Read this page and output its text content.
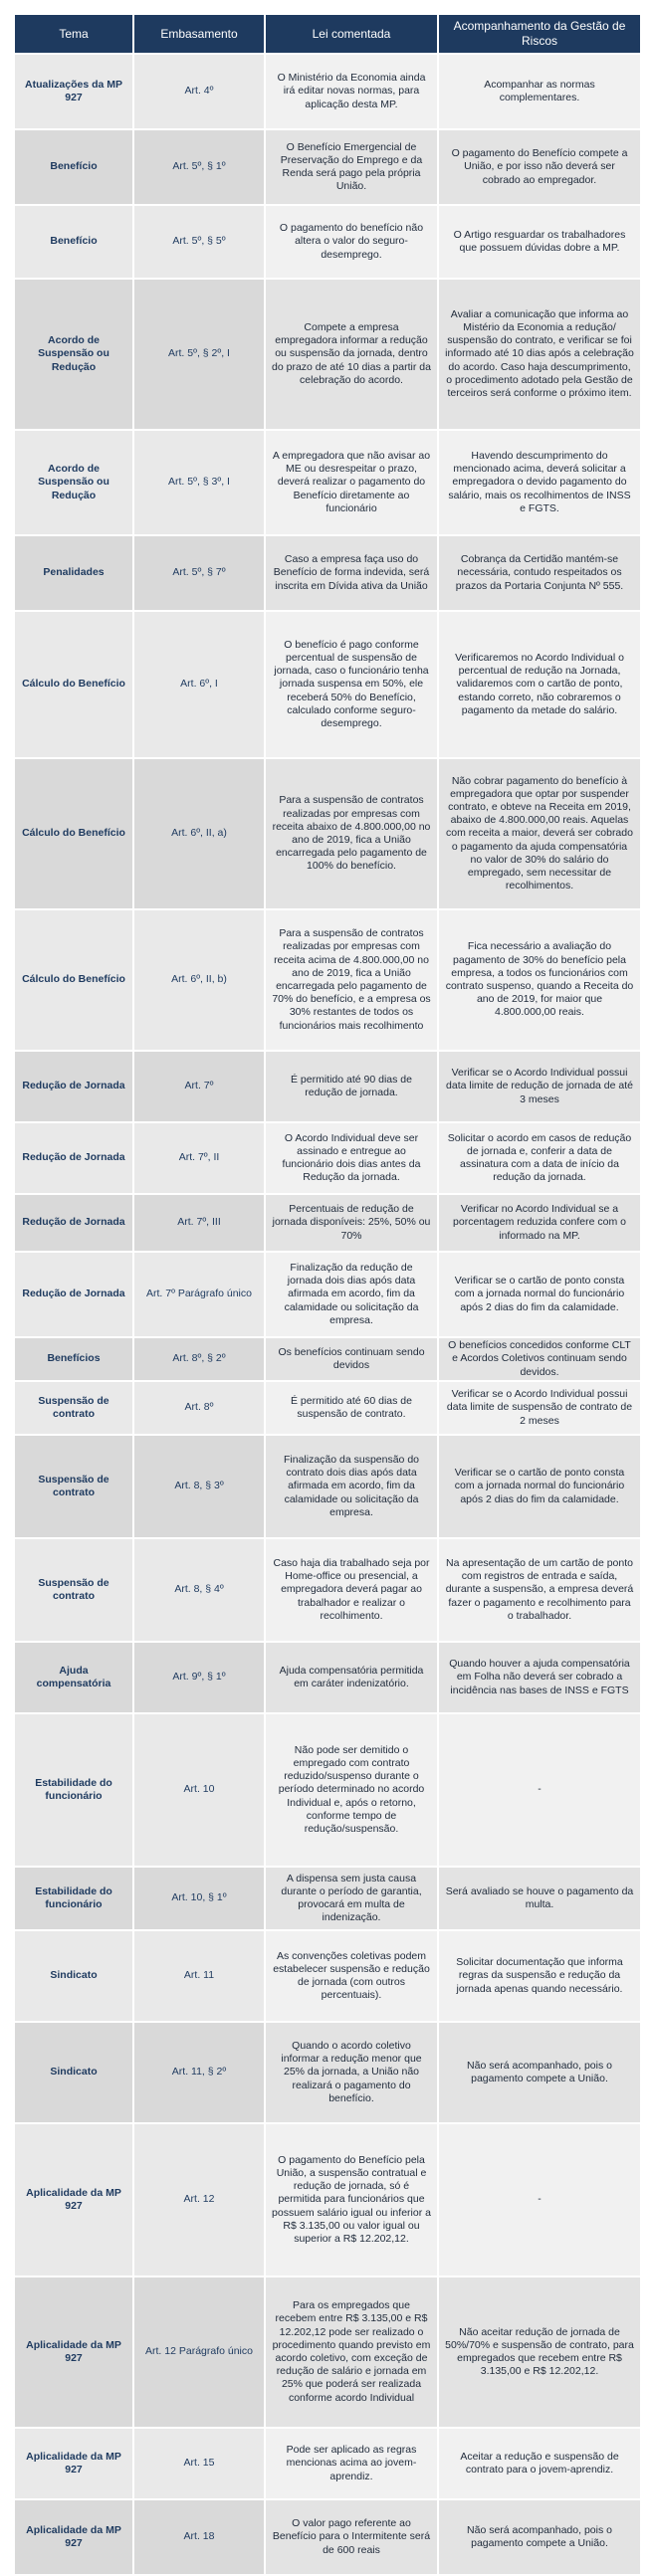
Tema	Embasamento	Lei comentada	Acompanhamento da Gestão de Riscos
Atualizações da MP 927	Art. 4º	O Ministério da Economia ainda irá editar novas normas, para aplicação desta MP.	Acompanhar as normas complementares.
Benefício	Art. 5º, § 1º	O Benefício Emergencial de Preservação do Emprego e da Renda será pago pela própria União.	O pagamento do Benefício compete a União, e por isso não deverá ser cobrado ao empregador.
Benefício	Art. 5º, § 5º	O pagamento do benefício não altera o valor do seguro-desemprego.	O Artigo resguardar os trabalhadores que possuem dúvidas dobre a MP.
Acordo de Suspensão ou Redução	Art. 5º, § 2º, I	Compete a empresa empregadora informar a redução ou suspensão da jornada, dentro do prazo de até 10 dias a partir da celebração do acordo.	Avaliar a comunicação que informa ao Mistério da Economia a redução/ suspensão do contrato, e verificar se foi informado até 10 dias após a celebração do acordo. Caso haja descumprimento, o procedimento adotado pela Gestão de terceiros será conforme o próximo item.
Acordo de Suspensão ou Redução	Art. 5º, § 3º, I	A empregadora que não avisar ao ME ou desrespeitar o prazo, deverá realizar o pagamento do Benefício diretamente ao funcionário	Havendo descumprimento do mencionado acima, deverá solicitar a empregadora o devido pagamento do salário, mais os recolhimentos de INSS e FGTS.
Penalidades	Art. 5º, § 7º	Caso a empresa faça uso do Benefício de forma indevida, será inscrita em Dívida ativa da União	Cobrança da Certidão mantém-se necessária, contudo respeitados os prazos da Portaria Conjunta Nº 555.
Cálculo do Benefício	Art. 6º, I	O benefício é pago conforme percentual de suspensão de jornada, caso o funcionário tenha jornada suspensa em 50%, ele receberá 50% do Benefício, calculado conforme seguro-desemprego.	Verificaremos no Acordo Individual o percentual de redução na Jornada, validaremos com o cartão de ponto, estando correto, não cobraremos o pagamento da metade do salário.
Cálculo do Benefício	Art. 6º, II, a)	Para a suspensão de contratos realizadas por empresas com receita abaixo de 4.800.000,00 no ano de 2019, fica a União encarregada pelo pagamento de 100% do benefício.	Não cobrar pagamento do benefício à empregadora que optar por suspender contrato, e obteve na Receita em 2019, abaixo de 4.800.000,00 reais. Aquelas com receita a maior, deverá ser cobrado o pagamento da ajuda compensatória no valor de 30% do salário do empregado, sem necessitar de recolhimentos.
Cálculo do Benefício	Art. 6º, II, b)	Para a suspensão de contratos realizadas por empresas com receita acima de 4.800.000,00 no ano de 2019, fica a União encarregada pelo pagamento de 70% do benefício, e a empresa os 30% restantes de todos os funcionários mais recolhimento	Fica necessário a avaliação do pagamento de 30% do benefício pela empresa, a todos os funcionários com contrato suspenso, quando a Receita do ano de 2019, for maior que 4.800.000,00 reais.
Redução de Jornada	Art. 7º	É permitido até 90 dias de redução de jornada.	Verificar se o Acordo Individual possui data limite de redução de jornada de até 3 meses
Redução de Jornada	Art. 7º, II	O Acordo Individual deve ser assinado e entregue ao funcionário dois dias antes da Redução da jornada.	Solicitar o acordo em casos de redução de jornada e, conferir a data de assinatura com a data de início da redução da jornada.
Redução de Jornada	Art. 7º, III	Percentuais de redução de jornada disponíveis: 25%, 50% ou 70%	Verificar no Acordo Individual se a porcentagem reduzida confere com o informado na MP.
Redução de Jornada	Art. 7º Parágrafo único	Finalização da redução de jornada dois dias após data afirmada em acordo, fim da calamidade ou solicitação da empresa.	Verificar se o cartão de ponto consta com a jornada normal do funcionário após 2 dias do fim da calamidade.
Benefícios	Art. 8º, § 2º	Os benefícios continuam sendo devidos	O benefícios concedidos conforme CLT e Acordos Coletivos continuam sendo devidos.
Suspensão de contrato	Art. 8º	É permitido até 60 dias de suspensão de contrato.	Verificar se o Acordo Individual possui data limite de suspensão de contrato de 2 meses
Suspensão de contrato	Art. 8, § 3º	Finalização da suspensão do contrato dois dias após data afirmada em acordo, fim da calamidade ou solicitação da empresa.	Verificar se o cartão de ponto consta com a jornada normal do funcionário após 2 dias do fim da calamidade.
Suspensão de contrato	Art. 8, § 4º	Caso haja dia trabalhado seja por Home-office ou presencial, a empregadora deverá pagar ao trabalhador e realizar o recolhimento.	Na apresentação de um cartão de ponto com registros de entrada e saída, durante a suspensão, a empresa deverá fazer o pagamento e recolhimento para o trabalhador.
Ajuda compensatória	Art. 9º, § 1º	Ajuda compensatória permitida em caráter indenizatório.	Quando houver a ajuda compensatória em Folha não deverá ser cobrado a incidência nas bases de INSS e FGTS
Estabilidade do funcionário	Art. 10	Não pode ser demitido o empregado com contrato reduzido/suspenso durante o período determinado no acordo Individual e, após o retorno, conforme tempo de redução/suspensão.	-
Estabilidade do funcionário	Art. 10, § 1º	A dispensa sem justa causa durante o período de garantia, provocará em multa de indenização.	Será avaliado se houve o pagamento da multa.
Sindicato	Art. 11	As convenções coletivas podem estabelecer suspensão e redução de jornada (com outros percentuais).	Solicitar documentação que informa regras da suspensão e redução da jornada apenas quando necessário.
Sindicato	Art. 11, § 2º	Quando o acordo coletivo informar a redução menor que 25% da jornada, a União não realizará o pagamento do benefício.	Não será acompanhado, pois o pagamento compete a União.
Aplicalidade da MP 927	Art. 12	O pagamento do Benefício pela União, a suspensão contratual e redução de jornada, só é permitida para funcionários que possuem salário igual ou inferior a R$ 3.135,00 ou valor igual ou superior a R$ 12.202,12.	-
Aplicalidade da MP 927	Art. 12 Parágrafo único	Para os empregados que recebem entre R$ 3.135,00 e R$ 12.202,12 pode ser realizado o procedimento quando previsto em acordo coletivo, com exceção de redução de salário e jornada em 25% que poderá ser realizada conforme acordo Individual	Não aceitar redução de jornada de 50%/70% e suspensão de contrato, para empregados que recebem entre R$ 3.135,00 e R$ 12.202,12.
Aplicalidade da MP 927	Art. 15	Pode ser aplicado as regras mencionas acima ao jovem-aprendiz.	Aceitar a redução e suspensão de contrato para o jovem-aprendiz.
Aplicalidade da MP 927	Art. 18	O valor pago referente ao Benefício para o Intermitente será de 600 reais	Não será acompanhado, pois o pagamento compete a União.
